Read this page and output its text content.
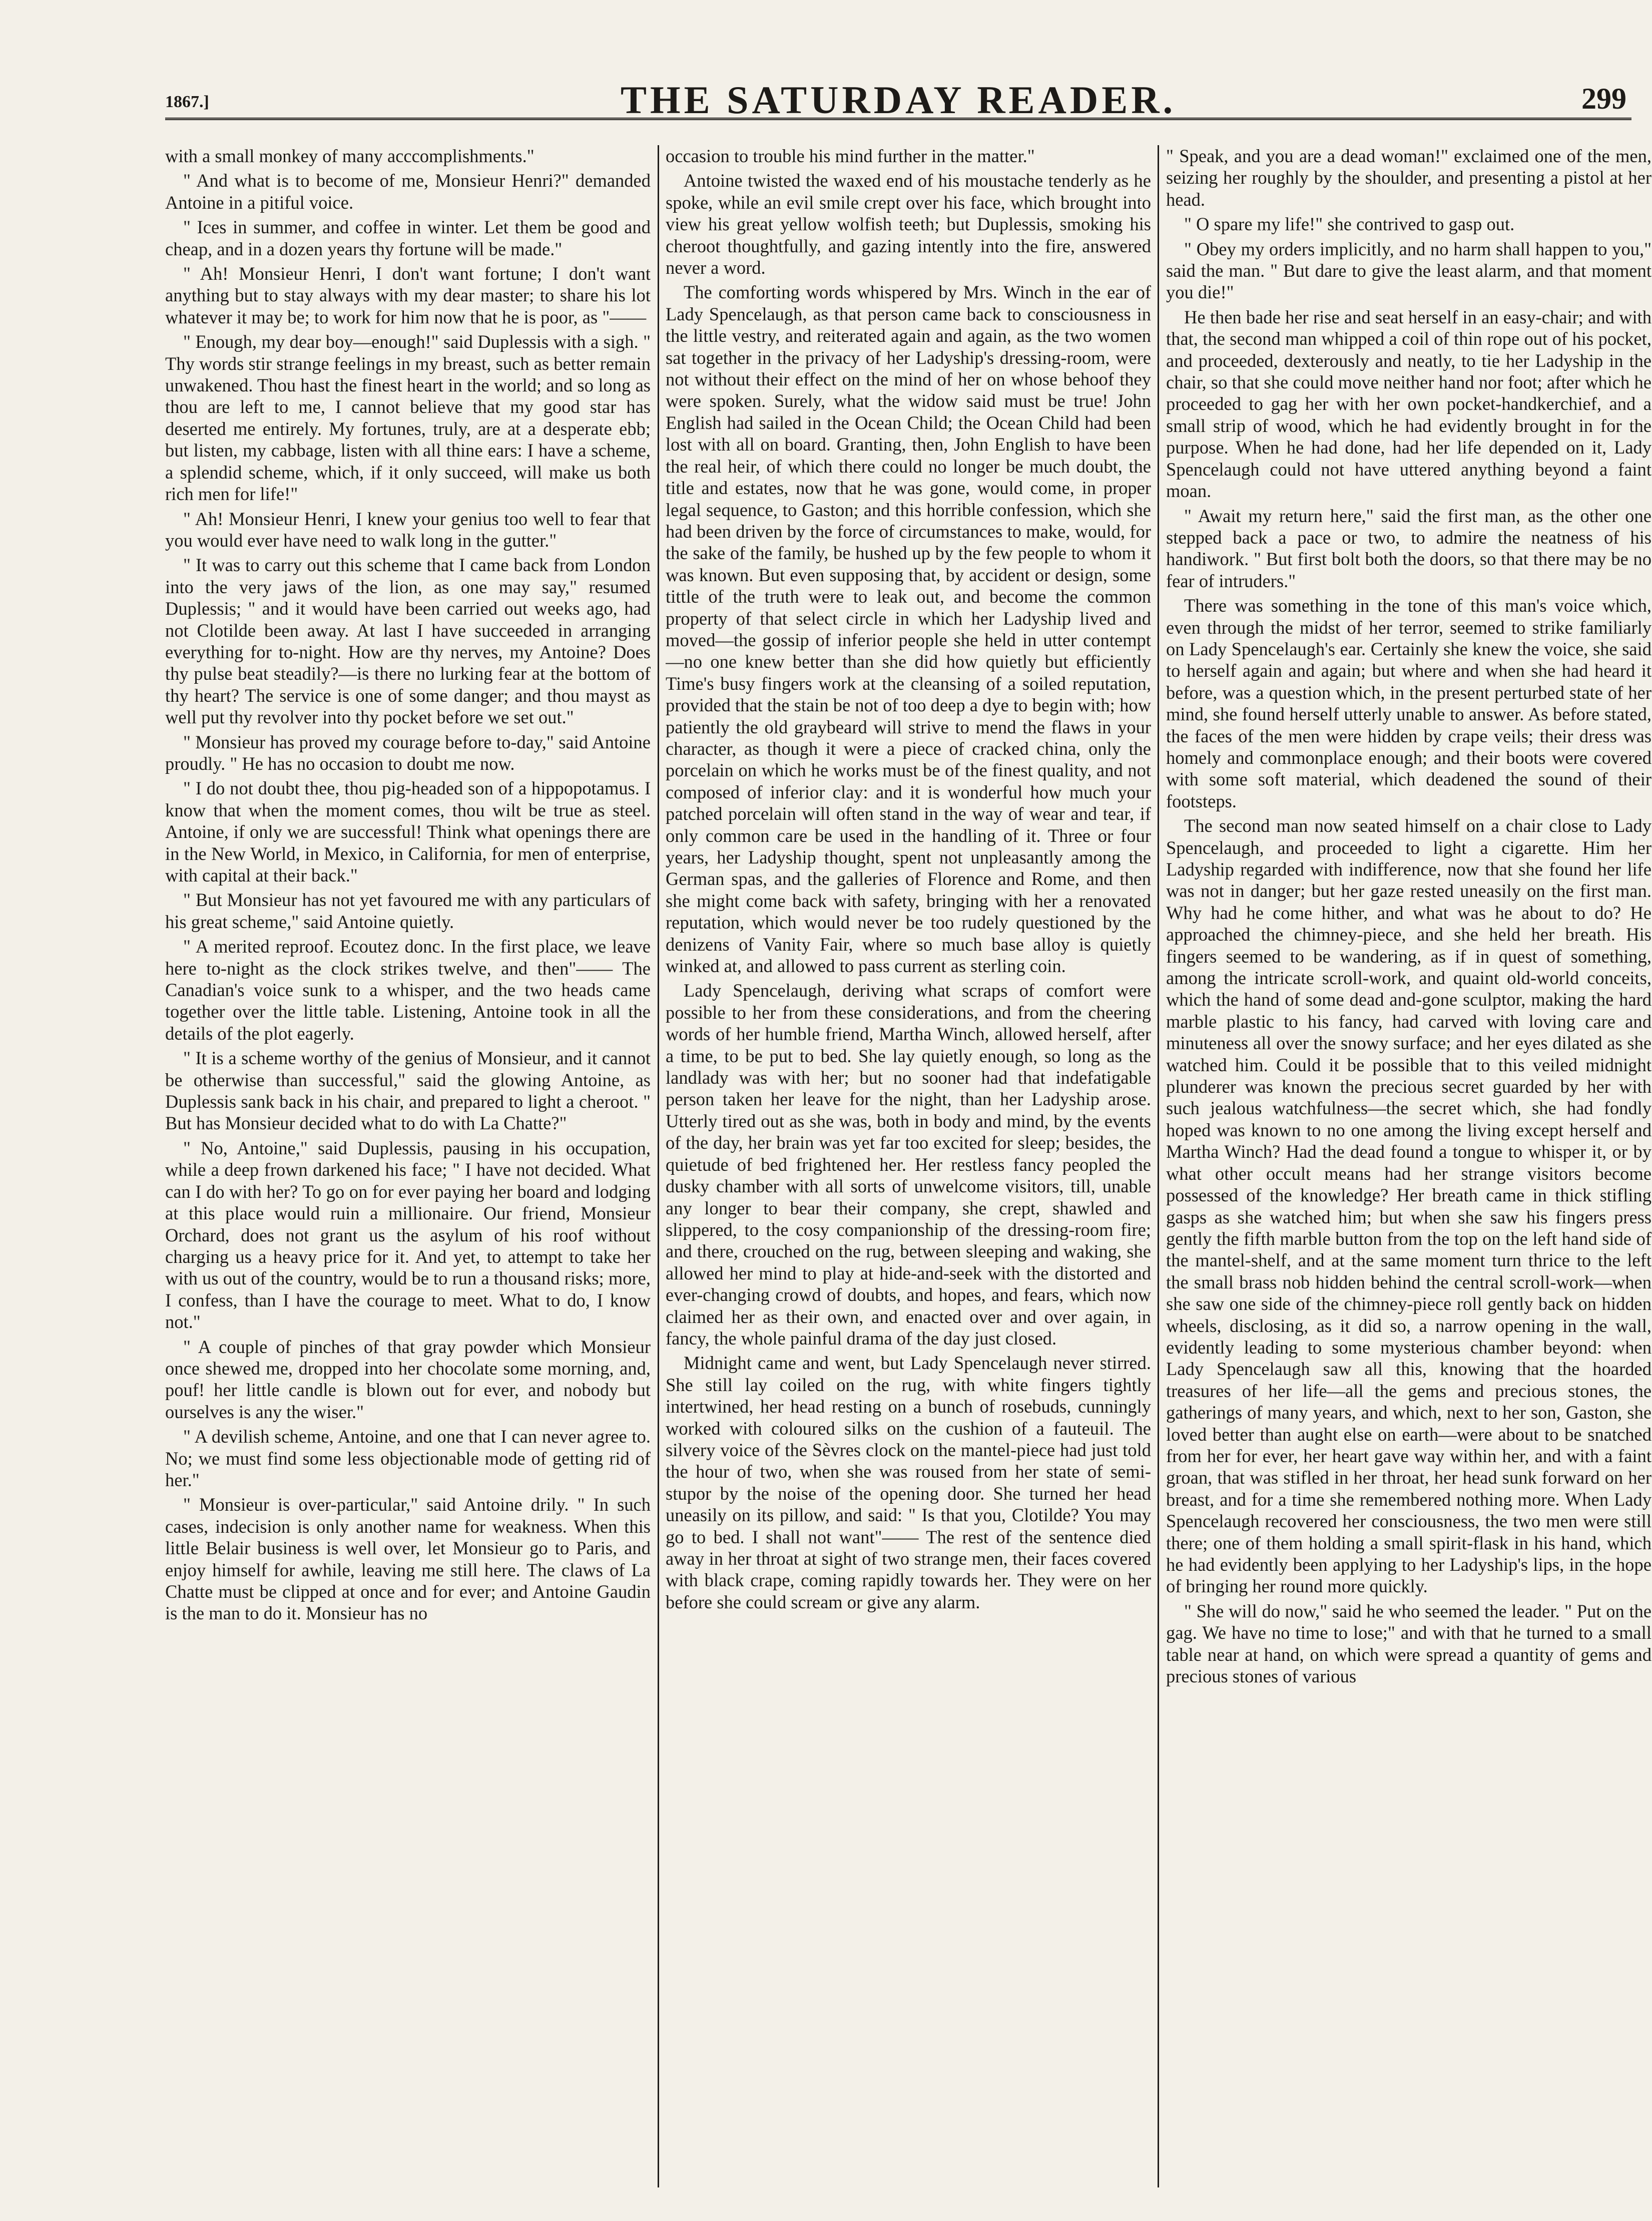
1867.]	THE SATURDAY READER.	299

with a small monkey of many acccomplishments."

" And what is to become of me, Monsieur Henri?" demanded Antoine in a pitiful voice.

" Ices in summer, and coffee in winter. Let them be good and cheap, and in a dozen years thy fortune will be made."

" Ah! Monsieur Henri, I don't want fortune; I don't want anything but to stay always with my dear master; to share his lot whatever it may be; to work for him now that he is poor, as "——

" Enough, my dear boy—enough!" said Duplessis with a sigh. " Thy words stir strange feelings in my breast, such as better remain unwakened. Thou hast the finest heart in the world; and so long as thou are left to me, I cannot believe that my good star has deserted me entirely. My fortunes, truly, are at a desperate ebb; but listen, my cabbage, listen with all thine ears: I have a scheme, a splendid scheme, which, if it only succeed, will make us both rich men for life!"

" Ah! Monsieur Henri, I knew your genius too well to fear that you would ever have need to walk long in the gutter."

" It was to carry out this scheme that I came back from London into the very jaws of the lion, as one may say," resumed Duplessis; " and it would have been carried out weeks ago, had not Clotilde been away. At last I have succeeded in arranging everything for to-night. How are thy nerves, my Antoine? Does thy pulse beat steadily?—is there no lurking fear at the bottom of thy heart? The service is one of some danger; and thou mayst as well put thy revolver into thy pocket before we set out."

" Monsieur has proved my courage before to-day," said Antoine proudly. " He has no occasion to doubt me now.

" I do not doubt thee, thou pig-headed son of a hippopotamus. I know that when the moment comes, thou wilt be true as steel. Antoine, if only we are successful! Think what openings there are in the New World, in Mexico, in California, for men of enterprise, with capital at their back."

" But Monsieur has not yet favoured me with any particulars of his great scheme," said Antoine quietly.

" A merited reproof. Ecoutez donc. In the first place, we leave here to-night as the clock strikes twelve, and then"—— The Canadian's voice sunk to a whisper, and the two heads came together over the little table. Listening, Antoine took in all the details of the plot eagerly.

" It is a scheme worthy of the genius of Monsieur, and it cannot be otherwise than successful," said the glowing Antoine, as Duplessis sank back in his chair, and prepared to light a cheroot. " But has Monsieur decided what to do with La Chatte?"

" No, Antoine," said Duplessis, pausing in his occupation, while a deep frown darkened his face; " I have not decided. What can I do with her? To go on for ever paying her board and lodging at this place would ruin a millionaire. Our friend, Monsieur Orchard, does not grant us the asylum of his roof without charging us a heavy price for it. And yet, to attempt to take her with us out of the country, would be to run a thousand risks; more, I confess, than I have the courage to meet. What to do, I know not."

" A couple of pinches of that gray powder which Monsieur once shewed me, dropped into her chocolate some morning, and, pouf! her little candle is blown out for ever, and nobody but ourselves is any the wiser."

" A devilish scheme, Antoine, and one that I can never agree to. No; we must find some less objectionable mode of getting rid of her."

" Monsieur is over-particular," said Antoine drily. " In such cases, indecision is only another name for weakness. When this little Belair business is well over, let Monsieur go to Paris, and enjoy himself for awhile, leaving me still here. The claws of La Chatte must be clipped at once and for ever; and Antoine Gaudin is the man to do it. Monsieur has no

occasion to trouble his mind further in the matter."

Antoine twisted the waxed end of his moustache tenderly as he spoke, while an evil smile crept over his face, which brought into view his great yellow wolfish teeth; but Duplessis, smoking his cheroot thoughtfully, and gazing intently into the fire, answered never a word.

The comforting words whispered by Mrs. Winch in the ear of Lady Spencelaugh, as that person came back to consciousness in the little vestry, and reiterated again and again, as the two women sat together in the privacy of her Ladyship's dressing-room, were not without their effect on the mind of her on whose behoof they were spoken. Surely, what the widow said must be true! John English had sailed in the Ocean Child; the Ocean Child had been lost with all on board. Granting, then, John English to have been the real heir, of which there could no longer be much doubt, the title and estates, now that he was gone, would come, in proper legal sequence, to Gaston; and this horrible confession, which she had been driven by the force of circumstances to make, would, for the sake of the family, be hushed up by the few people to whom it was known. But even supposing that, by accident or design, some tittle of the truth were to leak out, and become the common property of that select circle in which her Ladyship lived and moved—the gossip of inferior people she held in utter contempt—no one knew better than she did how quietly but efficiently Time's busy fingers work at the cleansing of a soiled reputation, provided that the stain be not of too deep a dye to begin with; how patiently the old graybeard will strive to mend the flaws in your character, as though it were a piece of cracked china, only the porcelain on which he works must be of the finest quality, and not composed of inferior clay: and it is wonderful how much your patched porcelain will often stand in the way of wear and tear, if only common care be used in the handling of it. Three or four years, her Ladyship thought, spent not unpleasantly among the German spas, and the galleries of Florence and Rome, and then she might come back with safety, bringing with her a renovated reputation, which would never be too rudely questioned by the denizens of Vanity Fair, where so much base alloy is quietly winked at, and allowed to pass current as sterling coin.

Lady Spencelaugh, deriving what scraps of comfort were possible to her from these considerations, and from the cheering words of her humble friend, Martha Winch, allowed herself, after a time, to be put to bed. She lay quietly enough, so long as the landlady was with her; but no sooner had that indefatigable person taken her leave for the night, than her Ladyship arose. Utterly tired out as she was, both in body and mind, by the events of the day, her brain was yet far too excited for sleep; besides, the quietude of bed frightened her. Her restless fancy peopled the dusky chamber with all sorts of unwelcome visitors, till, unable any longer to bear their company, she crept, shawled and slippered, to the cosy companionship of the dressing-room fire; and there, crouched on the rug, between sleeping and waking, she allowed her mind to play at hide-and-seek with the distorted and ever-changing crowd of doubts, and hopes, and fears, which now claimed her as their own, and enacted over and over again, in fancy, the whole painful drama of the day just closed.

Midnight came and went, but Lady Spencelaugh never stirred. She still lay coiled on the rug, with white fingers tightly intertwined, her head resting on a bunch of rosebuds, cunningly worked with coloured silks on the cushion of a fauteuil. The silvery voice of the Sèvres clock on the mantel-piece had just told the hour of two, when she was roused from her state of semi-stupor by the noise of the opening door. She turned her head uneasily on its pillow, and said: " Is that you, Clotilde? You may go to bed. I shall not want"—— The rest of the sentence died away in her throat at sight of two strange men, their faces covered with black crape, coming rapidly towards her. They were on her before she could scream or give any alarm.

" Speak, and you are a dead woman!" exclaimed one of the men, seizing her roughly by the shoulder, and presenting a pistol at her head.

" O spare my life!" she contrived to gasp out.

" Obey my orders implicitly, and no harm shall happen to you," said the man. " But dare to give the least alarm, and that moment you die!"

He then bade her rise and seat herself in an easy-chair; and with that, the second man whipped a coil of thin rope out of his pocket, and proceeded, dexterously and neatly, to tie her Ladyship in the chair, so that she could move neither hand nor foot; after which he proceeded to gag her with her own pocket-handkerchief, and a small strip of wood, which he had evidently brought in for the purpose. When he had done, had her life depended on it, Lady Spencelaugh could not have uttered anything beyond a faint moan.

" Await my return here," said the first man, as the other one stepped back a pace or two, to admire the neatness of his handiwork. " But first bolt both the doors, so that there may be no fear of intruders."

There was something in the tone of this man's voice which, even through the midst of her terror, seemed to strike familiarly on Lady Spencelaugh's ear. Certainly she knew the voice, she said to herself again and again; but where and when she had heard it before, was a question which, in the present perturbed state of her mind, she found herself utterly unable to answer. As before stated, the faces of the men were hidden by crape veils; their dress was homely and commonplace enough; and their boots were covered with some soft material, which deadened the sound of their footsteps.

The second man now seated himself on a chair close to Lady Spencelaugh, and proceeded to light a cigarette. Him her Ladyship regarded with indifference, now that she found her life was not in danger; but her gaze rested uneasily on the first man. Why had he come hither, and what was he about to do? He approached the chimney-piece, and she held her breath. His fingers seemed to be wandering, as if in quest of something, among the intricate scroll-work, and quaint old-world conceits, which the hand of some dead and-gone sculptor, making the hard marble plastic to his fancy, had carved with loving care and minuteness all over the snowy surface; and her eyes dilated as she watched him. Could it be possible that to this veiled midnight plunderer was known the precious secret guarded by her with such jealous watchfulness—the secret which, she had fondly hoped was known to no one among the living except herself and Martha Winch? Had the dead found a tongue to whisper it, or by what other occult means had her strange visitors become possessed of the knowledge? Her breath came in thick stifling gasps as she watched him; but when she saw his fingers press gently the fifth marble button from the top on the left hand side of the mantel-shelf, and at the same moment turn thrice to the left the small brass nob hidden behind the central scroll-work—when she saw one side of the chimney-piece roll gently back on hidden wheels, disclosing, as it did so, a narrow opening in the wall, evidently leading to some mysterious chamber beyond: when Lady Spencelaugh saw all this, knowing that the hoarded treasures of her life—all the gems and precious stones, the gatherings of many years, and which, next to her son, Gaston, she loved better than aught else on earth—were about to be snatched from her for ever, her heart gave way within her, and with a faint groan, that was stifled in her throat, her head sunk forward on her breast, and for a time she remembered nothing more. When Lady Spencelaugh recovered her consciousness, the two men were still there; one of them holding a small spirit-flask in his hand, which he had evidently been applying to her Ladyship's lips, in the hope of bringing her round more quickly.

" She will do now," said he who seemed the leader. " Put on the gag. We have no time to lose;" and with that he turned to a small table near at hand, on which were spread a quantity of gems and precious stones of various
